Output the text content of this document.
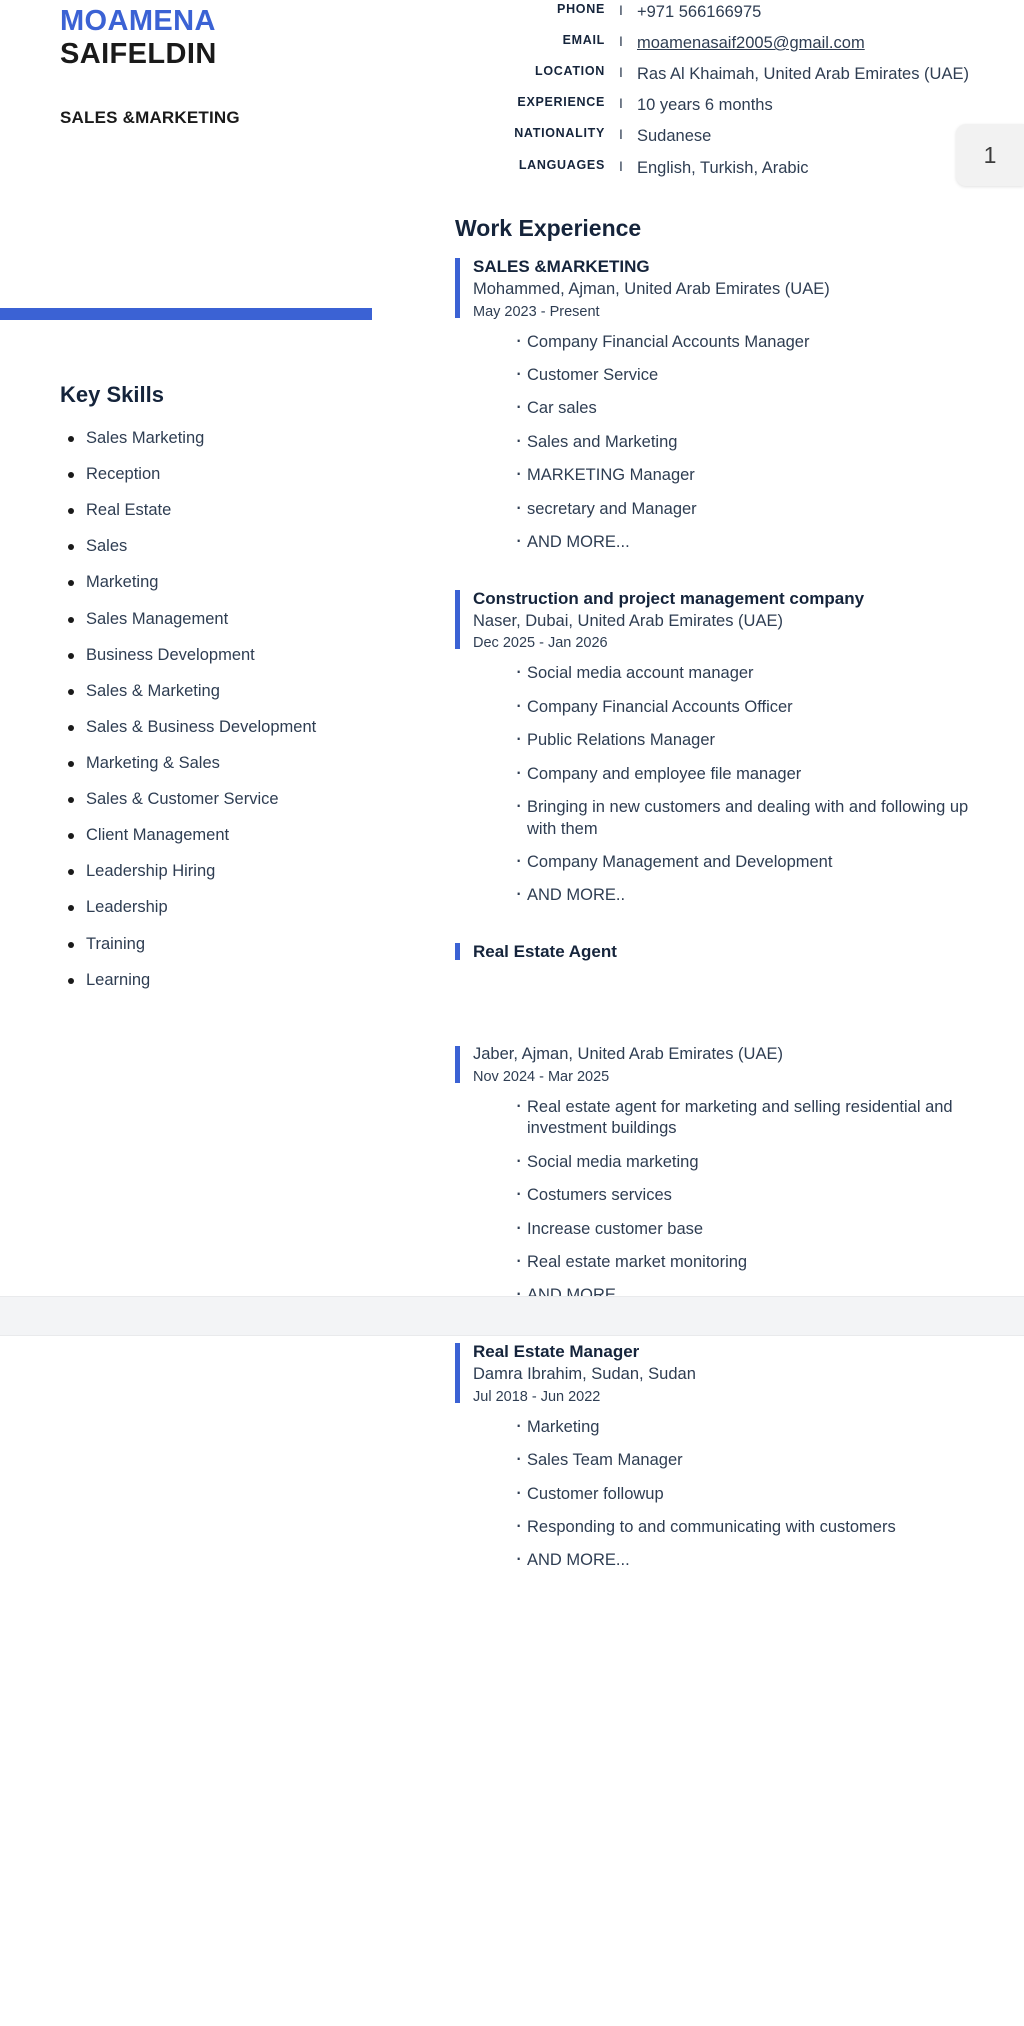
MOAMENA
SAIFELDIN
SALES &MARKETING
Key Skills
Sales Marketing
Reception
Real Estate
Sales
Marketing
Sales Management
Business Development
Sales & Marketing
Sales & Business Development
Marketing & Sales
Sales & Customer Service
Client Management
Leadership Hiring
Leadership
Training
Learning
PHONE	I	+971 566166975
EMAIL	I	moamenasaif2005@gmail.com
LOCATION	I	Ras Al Khaimah, United Arab Emirates (UAE)
EXPERIENCE	I	10 years 6 months
NATIONALITY	I	Sudanese
LANGUAGES	I	English, Turkish, Arabic
Work Experience
SALES &MARKETING
Mohammed, Ajman, United Arab Emirates (UAE)
May 2023 - Present
· Company Financial Accounts Manager
· Customer Service
· Car sales
· Sales and Marketing
· MARKETING Manager
· secretary and Manager
· AND MORE...
Construction and project management company
Naser, Dubai, United Arab Emirates (UAE)
Dec 2025 - Jan 2026
· Social media account manager
· Company Financial Accounts Officer
· Public Relations Manager
· Company and employee file manager
· Bringing in new customers and dealing with and following up with them
· Company Management and Development
· AND MORE..
Real Estate Agent
Jaber, Ajman, United Arab Emirates (UAE)
Nov 2024 - Mar 2025
· Real estate agent for marketing and selling residential and investment buildings
· Social media marketing
· Costumers services
· Increase customer base
· Real estate market monitoring
·
Real Estate Manager
Damra Ibrahim, Sudan, Sudan
Jul 2018 - Jun 2022
· Marketing
· Sales Team Manager
· Customer followup
· Responding to and communicating with customers
· AND MORE...
1
